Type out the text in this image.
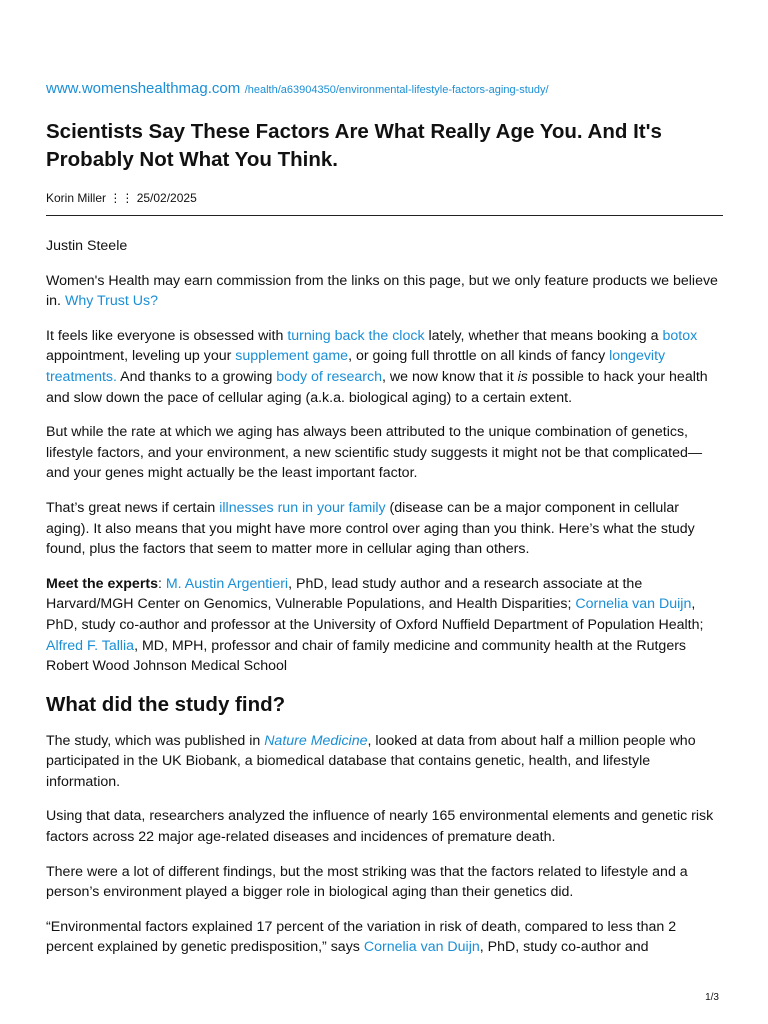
www.womenshealthmag.com /health/a63904350/environmental-lifestyle-factors-aging-study/
Scientists Say These Factors Are What Really Age You. And It's Probably Not What You Think.
Korin Miller ⋮⋮ 25/02/2025

Justin Steele

Women's Health may earn commission from the links on this page, but we only feature products we believe in. Why Trust Us?

It feels like everyone is obsessed with turning back the clock lately, whether that means booking a botox appointment, leveling up your supplement game, or going full throttle on all kinds of fancy longevity treatments. And thanks to a growing body of research, we now know that it is possible to hack your health and slow down the pace of cellular aging (a.k.a. biological aging) to a certain extent.

But while the rate at which we aging has always been attributed to the unique combination of genetics, lifestyle factors, and your environment, a new scientific study suggests it might not be that complicated—and your genes might actually be the least important factor.

That’s great news if certain illnesses run in your family (disease can be a major component in cellular aging). It also means that you might have more control over aging than you think. Here’s what the study found, plus the factors that seem to matter more in cellular aging than others.

Meet the experts: M. Austin Argentieri, PhD, lead study author and a research associate at the Harvard/MGH Center on Genomics, Vulnerable Populations, and Health Disparities; Cornelia van Duijn, PhD, study co-author and professor at the University of Oxford Nuffield Department of Population Health; Alfred F. Tallia, MD, MPH, professor and chair of family medicine and community health at the Rutgers Robert Wood Johnson Medical School

What did the study find?

The study, which was published in Nature Medicine, looked at data from about half a million people who participated in the UK Biobank, a biomedical database that contains genetic, health, and lifestyle information.

Using that data, researchers analyzed the influence of nearly 165 environmental elements and genetic risk factors across 22 major age-related diseases and incidences of premature death.

There were a lot of different findings, but the most striking was that the factors related to lifestyle and a person’s environment played a bigger role in biological aging than their genetics did.

“Environmental factors explained 17 percent of the variation in risk of death, compared to less than 2 percent explained by genetic predisposition,” says Cornelia van Duijn, PhD, study co-author and

1/3
